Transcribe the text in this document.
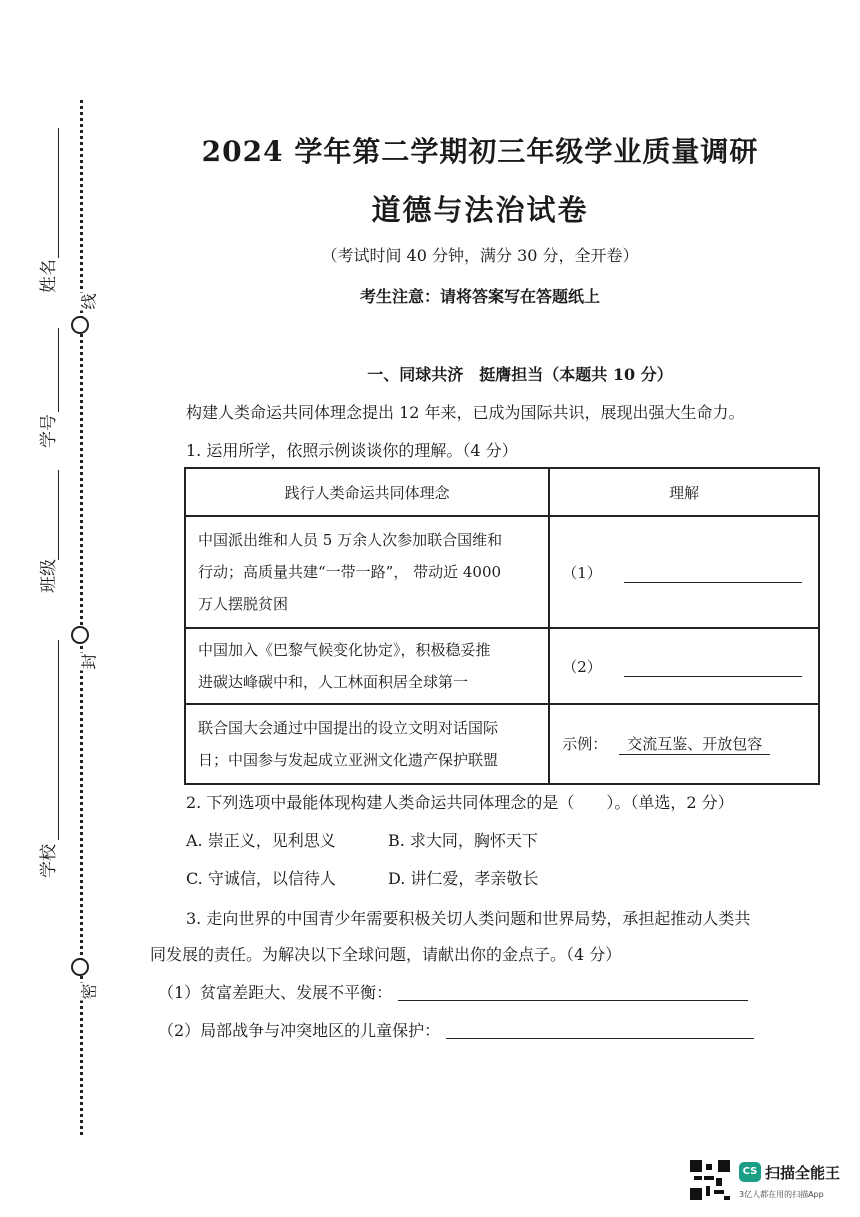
线
封
密
姓名
学号
班级
学校
2024 学年第二学期初三年级学业质量调研
道德与法治试卷
（考试时间 40 分钟，满分 30 分，全开卷）
考生注意：请将答案写在答题纸上
一、同球共济　挺膺担当（本题共 10 分）
构建人类命运共同体理念提出 12 年来，已成为国际共识，展现出强大生命力。
1. 运用所学，依照示例谈谈你的理解。（4 分）
践行人类命运共同体理念	理解

中国派出维和人员 5 万余人次参加联合国维和
行动；高质量共建“一带一路”， 带动近 4000
万人摆脱贫困	（1）

中国加入《巴黎气候变化协定》，积极稳妥推
进碳达峰碳中和，人工林面积居全球第一	（2）

联合国大会通过中国提出的设立文明对话国际
日；中国参与发起成立亚洲文化遗产保护联盟	示例： 交流互鉴、开放包容
2. 下列选项中最能体现构建人类命运共同体理念的是（　　）。（单选，2 分）
A. 崇正义，见利思义	B. 求大同，胸怀天下
C. 守诚信，以信待人	D. 讲仁爱，孝亲敬长
3. 走向世界的中国青少年需要积极关切人类问题和世界局势，承担起推动人类共
同发展的责任。为解决以下全球问题，请献出你的金点子。（4 分）
（1）贫富差距大、发展不平衡：
（2）局部战争与冲突地区的儿童保护：
CS 扫描全能王
3亿人都在用的扫描App
